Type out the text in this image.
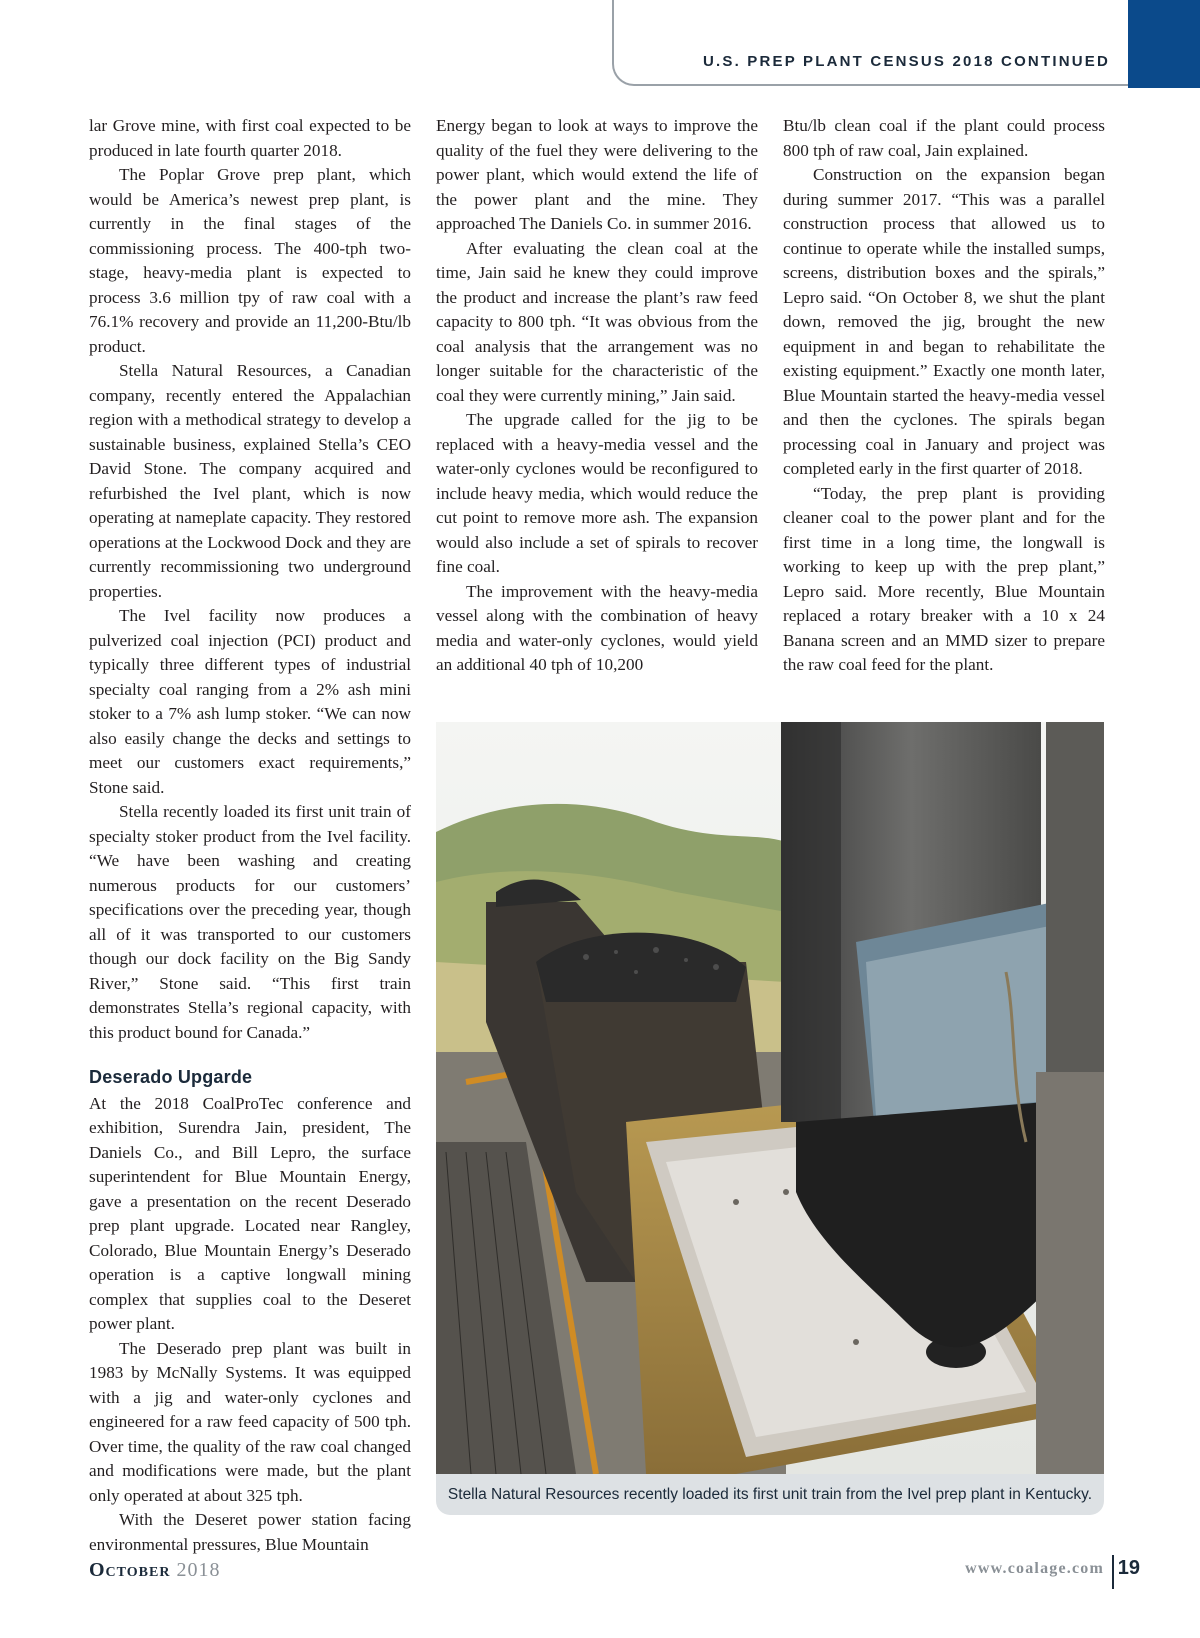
U.S. PREP PLANT CENSUS 2018 CONTINUED

lar Grove mine, with first coal expected to be produced in late fourth quarter 2018.

The Poplar Grove prep plant, which would be America’s newest prep plant, is currently in the final stages of the commissioning process. The 400-tph two-stage, heavy-media plant is expected to process 3.6 million tpy of raw coal with a 76.1% recovery and provide an 11,200-Btu/lb product.

Stella Natural Resources, a Canadian company, recently entered the Appalachian region with a methodical strategy to develop a sustainable business, explained Stella’s CEO David Stone. The company acquired and refurbished the Ivel plant, which is now operating at nameplate capacity. They restored operations at the Lockwood Dock and they are currently recommissioning two underground properties.

The Ivel facility now produces a pulverized coal injection (PCI) product and typically three different types of industrial specialty coal ranging from a 2% ash mini stoker to a 7% ash lump stoker. “We can now also easily change the decks and settings to meet our customers exact requirements,” Stone said.

Stella recently loaded its first unit train of specialty stoker product from the Ivel facility. “We have been washing and creating numerous products for our customers’ specifications over the preceding year, though all of it was transported to our customers though our dock facility on the Big Sandy River,” Stone said. “This first train demonstrates Stella’s regional capacity, with this product bound for Canada.”

Deserado Upgarde

At the 2018 CoalProTec conference and exhibition, Surendra Jain, president, The Daniels Co., and Bill Lepro, the surface superintendent for Blue Mountain Energy, gave a presentation on the recent Deserado prep plant upgrade. Located near Rangley, Colorado, Blue Mountain Energy’s Deserado operation is a captive longwall mining complex that supplies coal to the Deseret power plant.

The Deserado prep plant was built in 1983 by McNally Systems. It was equipped with a jig and water-only cyclones and engineered for a raw feed capacity of 500 tph. Over time, the quality of the raw coal changed and modifications were made, but the plant only operated at about 325 tph.

With the Deseret power station facing environmental pressures, Blue Mountain

Energy began to look at ways to improve the quality of the fuel they were delivering to the power plant, which would extend the life of the power plant and the mine. They approached The Daniels Co. in summer 2016.

After evaluating the clean coal at the time, Jain said he knew they could improve the product and increase the plant’s raw feed capacity to 800 tph. “It was obvious from the coal analysis that the arrangement was no longer suitable for the characteristic of the coal they were currently mining,” Jain said.

The upgrade called for the jig to be replaced with a heavy-media vessel and the water-only cyclones would be reconfigured to include heavy media, which would reduce the cut point to remove more ash. The expansion would also include a set of spirals to recover fine coal.

The improvement with the heavy-media vessel along with the combination of heavy media and water-only cyclones, would yield an additional 40 tph of 10,200

Btu/lb clean coal if the plant could process 800 tph of raw coal, Jain explained.

Construction on the expansion began during summer 2017. “This was a parallel construction process that allowed us to continue to operate while the installed sumps, screens, distribution boxes and the spirals,” Lepro said. “On October 8, we shut the plant down, removed the jig, brought the new equipment in and began to rehabilitate the existing equipment.” Exactly one month later, Blue Mountain started the heavy-media vessel and then the cyclones. The spirals began processing coal in January and project was completed early in the first quarter of 2018.

“Today, the prep plant is providing cleaner coal to the power plant and for the first time in a long time, the longwall is working to keep up with the prep plant,” Lepro said. More recently, Blue Mountain replaced a rotary breaker with a 10 x 24 Banana screen and an MMD sizer to prepare the raw coal feed for the plant.

Stella Natural Resources recently loaded its first unit train from the Ivel prep plant in Kentucky.
October 2018	www.coalage.com 19
